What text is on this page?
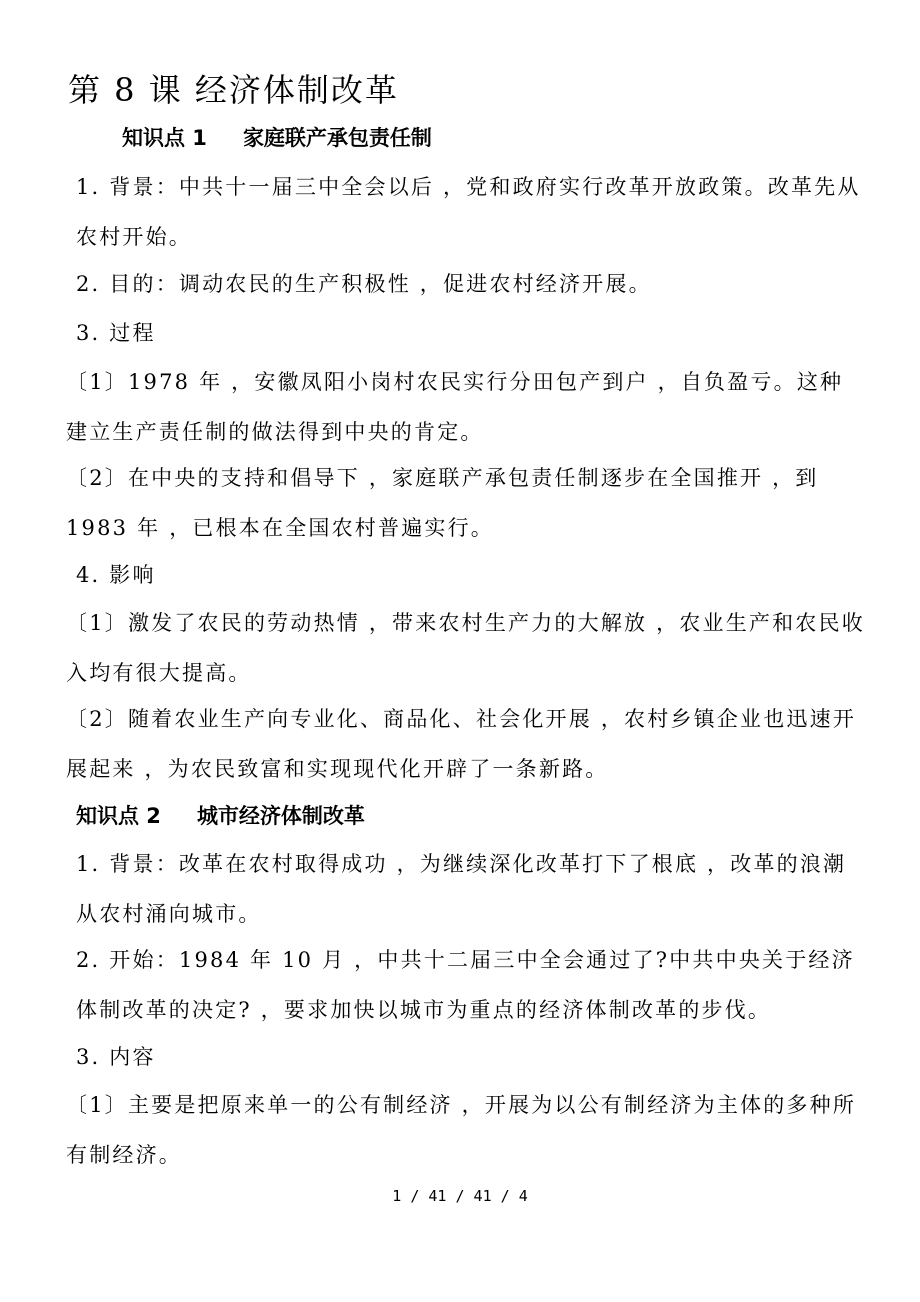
第 8 课 经济体制改革
知识点 1 家庭联产承包责任制
1. 背景：中共十一届三中全会以后 ，党和政府实行改革开放政策。改革先从农村开始。
2. 目的：调动农民的生产积极性 ，促进农村经济开展。
3. 过程
〔1〕1978 年 ，安徽凤阳小岗村农民实行分田包产到户 ，自负盈亏。这种建立生产责任制的做法得到中央的肯定。
〔2〕在中央的支持和倡导下 ，家庭联产承包责任制逐步在全国推开 ，到 1983 年 ，已根本在全国农村普遍实行。
4. 影响
〔1〕激发了农民的劳动热情 ，带来农村生产力的大解放 ，农业生产和农民收入均有很大提高。
〔2〕随着农业生产向专业化、商品化、社会化开展 ，农村乡镇企业也迅速开展起来 ，为农民致富和实现现代化开辟了一条新路。
知识点 2 城市经济体制改革
1. 背景：改革在农村取得成功 ，为继续深化改革打下了根底 ，改革的浪潮从农村涌向城市。
2. 开始：1984 年 10 月 ，中共十二届三中全会通过了?中共中央关于经济体制改革的决定? ，要求加快以城市为重点的经济体制改革的步伐。
3. 内容
〔1〕主要是把原来单一的公有制经济 ，开展为以公有制经济为主体的多种所有制经济。
1 / 41 / 41 / 4
